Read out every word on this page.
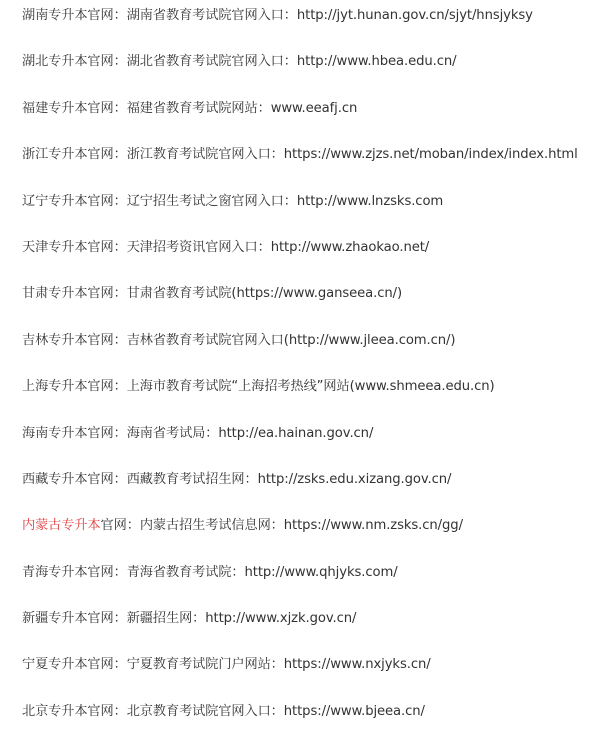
湖南专升本官网：湖南省教育考试院官网入口：http://jyt.hunan.gov.cn/sjyt/hnsjyksy
湖北专升本官网：湖北省教育考试院官网入口：http://www.hbea.edu.cn/
福建专升本官网：福建省教育考试院网站：www.eeafj.cn
浙江专升本官网：浙江教育考试院官网入口：https://www.zjzs.net/moban/index/index.html
辽宁专升本官网：辽宁招生考试之窗官网入口：http://www.lnzsks.com
天津专升本官网：天津招考资讯官网入口：http://www.zhaokao.net/
甘肃专升本官网：甘肃省教育考试院(https://www.ganseea.cn/)
吉林专升本官网：吉林省教育考试院官网入口(http://www.jleea.com.cn/)
上海专升本官网：上海市教育考试院“上海招考热线”网站(www.shmeea.edu.cn)
海南专升本官网：海南省考试局：http://ea.hainan.gov.cn/
西藏专升本官网：西藏教育考试招生网：http://zsks.edu.xizang.gov.cn/
内蒙古专升本官网：内蒙古招生考试信息网：https://www.nm.zsks.cn/gg/
青海专升本官网：青海省教育考试院：http://www.qhjyks.com/
新疆专升本官网：新疆招生网：http://www.xjzk.gov.cn/
宁夏专升本官网：宁夏教育考试院门户网站：https://www.nxjyks.cn/
北京专升本官网：北京教育考试院官网入口：https://www.bjeea.cn/
